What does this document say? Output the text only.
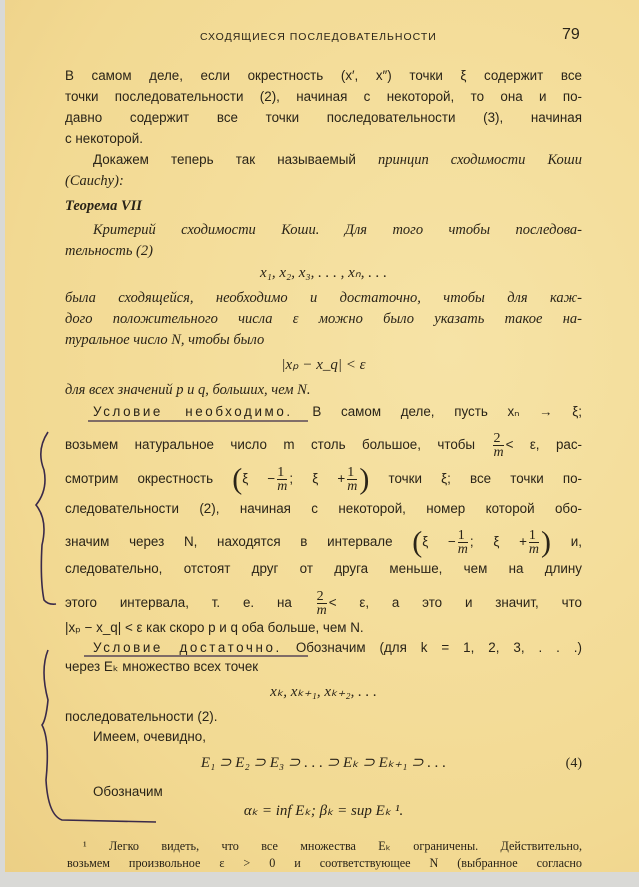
СХОДЯЩИЕСЯ ПОСЛЕДОВАТЕЛЬНОСТИ	79
В самом деле, если окрестность (x′, x″) точки ξ содержит все
точки последовательности (2), начиная с некоторой, то она и по-
давно содержит все точки последовательности (3), начиная
с некоторой.
Докажем теперь так называемый принцип сходимости Коши
(Cauchy):
Теорема VII
Критерий сходимости Коши. Для того чтобы последова-
тельность (2)
x₁, x₂, x₃, . . . , xₙ, . . .
была сходящейся, необходимо и достаточно, чтобы для каж-
дого положительного числа ε можно было указать такое на-
туральное число N, чтобы было
|xₚ − x_q| < ε
для всех значений p и q, больших, чем N.
Условие необходимо. В самом деле, пусть xₙ → ξ;
возьмем натуральное число m столь большое, чтобы $\frac{2}{m} < \varepsilon$, рас-
смотрим окрестность ($\xi - \frac{1}{m}$ ; $\xi + \frac{1}{m}$ ) точки ξ; все точки по-
следовательности (2), начиная с некоторой, номер которой обо-
значим через N, находятся в интервале ($\xi - \frac{1}{m}$ ; $\xi + \frac{1}{m}$ ) и,
следовательно, отстоят друг от друга меньше, чем на длину
этого интервала, т. е. на $\frac{2}{m} < \varepsilon$, а это и значит, что
|xₚ − x_q| < ε как скоро p и q оба больше, чем N.
Условие достаточно. Обозначим (для k = 1, 2, 3, . . .)
через Eₖ множество всех точек
xₖ, xₖ₊₁, xₖ₊₂, . . .
последовательности (2).
Имеем, очевидно,
E₁ ⊃ E₂ ⊃ E₃ ⊃ . . . ⊃ Eₖ ⊃ Eₖ₊₁ ⊃ . . .	(4)
Обозначим
αₖ = inf Eₖ; βₖ = sup Eₖ ¹.
¹ Легко видеть, что все множества Eₖ ограничены. Действительно,
возьмем произвольное ε > 0 и соответствующее N (выбранное согласно
